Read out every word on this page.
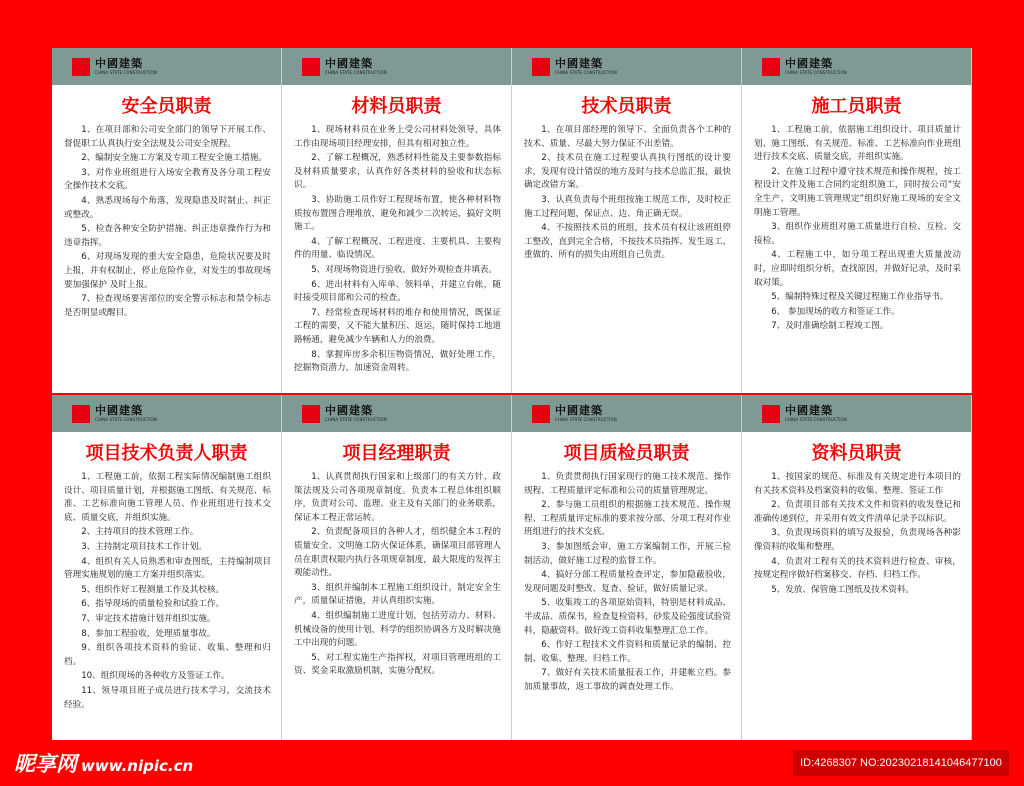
中國建築
CHINA STATE CONSTRUCTION
安全员职责
1、在项目部和公司安全部门的领导下开展工作、督促职工认真执行安全法规及公司安全规程。
2、编制安全施工方案及专项工程安全施工措施。
3、对作业班组进行入场安全教育及各分项工程安全操作技术交底。
4、熟悉现场每个角落，发现隐患及时制止、纠正或整改。
5、检查各种安全防护措施、纠正违章操作行为和违章指挥。
6、对现场发现的重大安全隐患，危险状况要及时上报，并有权制止，停止危险作业，对发生的事故现场要加强保护 及时上报。
7、检查现场要害部位的安全警示标志和禁令标志是否明显或醒目。
中國建築
CHINA STATE CONSTRUCTION
材料员职责
1、现场材料员在业务上受公司材料处领导，具体工作由现场项目经理安排，但具有相对独立性。
2、了解工程概况，熟悉材料性能及主要参数指标及材料质量要求，认真作好各类材料的验收和状态标识。
3、协助施工员作好工程现场布置，使各种材料物质按布置图合理堆放，避免和减少二次转运，搞好文明施工。
4、了解工程概况、工程进度、主要机具、主要构件的用量、临设情况。
5、对现场物资进行验收，做好外观检查并填表。
6、进出材料有入库单、领料单，并建立台帐，随时接受项目部和公司的检查。
7、经常检查现场材料的堆存和使用情况，既保证工程的需要，又不能大量积压、返运，随时保持工地道路畅通，避免减少车辆和人力的浪费。
8、掌握库房多余积压物资情况，做好处理工作，挖掘物资潜力，加速资金周转。
中國建築
CHINA STATE CONSTRUCTION
技术员职责
1、在项目部经理的领导下、全面负责各个工种的技术、质量、尽最大努力保证不出差错。
2、技术员在施工过程要认真执行图纸的设计要求，发现有设计错误的地方及时与技术总监汇报，最快确定改错方案。
3、认真负责每个班组按施工规范工作，及时校正施工过程问题，保证点、边、角正确无误。
4、不按照技术员的班组，技术员有权让该班组停工整改，直到完全合格，不按技术员指挥、发生返工、重做的、所有的损失由班组自己负责。
中國建築
CHINA STATE CONSTRUCTION
施工员职责
1、工程施工前，依据施工组织设计、项目质量计划、施工图纸、有关规范、标准、工艺标准向作业班组进行技术交底、质量交底，并组织实施。
2、在施工过程中遵守技术规范和操作规程，按工程设计文件及施工合同约定组织施工，同时按公司“安全生产、文明施工管理规定”组织好施工现场的安全文明施工管理。
3、组织作业班组对施工质量进行自检、互检、交接检。
4、工程施工中，如分项工程出现重大质量波动时，应即时组织分析，查找原因，并做好记录，及时采取对策。
5、编制特殊过程及关键过程施工作业指导书。
6、 参加现场的收方和签证工作。
7、及时准确绘制工程竣工图。
中國建築
CHINA STATE CONSTRUCTION
项目技术负责人职责
1、工程施工前，依据工程实际情况编制施工组织设计、项目质量计划，并根据施工图纸、有关规范、标准、工艺标准向施工管理人员、作业班组进行技术交底、质量交底，并组织实施。
2、主持项目的技术管理工作。
3、主持制定项目技术工作计划。
4、组织有关人员熟悉和审查图纸，主持编制项目管理实施规划的施工方案并组织落实。
5、组织作好工程测量工作及其校核。
6、指导现场的质量检验和试验工作。
7、审定技术措施计划并组织实施。
8、参加工程验收，处理质量事故。
9、组织各项技术资料的验证、收集、整理和归档。
10、组织现场的各种收方及签证工作。
11、领导项目班子成员进行技术学习，交流技术经验。
中國建築
CHINA STATE CONSTRUCTION
项目经理职责
1、认真贯彻执行国家和上级部门的有关方针、政策法规及公司各项规章制度。负责本工程总体组织顺序，负责对公司、监理、业主及有关部门的业务联系，保证本工程正常运转。
2、负责配备项目的各种人才，组织健全本工程的质量安全、文明施工防火保证体系，确保项目部管理人员在职责权限内执行各项规章制度，最大限度的发挥主观能动性。
3、组织并编制本工程施工组织设计，制定安全生产，质量保证措施，并认真组织实施。
4、组织编制施工进度计划，包括劳动力、材料、机械设备的使用计划，科学的组织协调各方及时解决施工中出现的问题。
5、对工程实施生产指挥权，对项目管理班组的工资、奖金采取激励机制，实施分配权。
中國建築
CHINA STATE CONSTRUCTION
项目质检员职责
1、负责贯彻执行国家现行的施工技术规范、操作规程、工程质量评定标准和公司的质量管理规定。
2、参与施工员组织的根据施工技术规范、操作规程、工程质量评定标准的要求按分部、分项工程对作业班组进行的技术交底。
3、参加图纸会审，施工方案编制工作，开展三检制活动，做好施工过程的监督工作。
4、搞好分部工程质量检查评定，参加隐蔽验收，发现问题及时整改、复查、验证，做好质量记录。
5、收集竣工的各项原始资料，特别是材料成品、半成品、质保书，检查复检资料，砂浆及砼强度试验资料，隐蔽资料。做好竣工资料收集整理汇总工作。
6、作好工程技术文件资料和质量记录的编制、控制、收集、整理、归档工作。
7、做好有关技术质量报表工作，并建帐立档。参加质量事故，返工事故的调查处理工作。
中國建築
CHINA STATE CONSTRUCTION
资料员职责
1、按国家的规范、标准及有关规定进行本项目的有关技术资料及档案资料的收集、整理、签证工作
2、负责项目部有关技术文件和资料的收发登记和准确传递到位，并采用有效文件清单记录予以标识。
3、负责现场资料的填写及报验，负责现场各种影像资料的收集和整理。
4、负责对工程有关的技术资料进行检查、审核，按规定程序做好档案移交、存档、归档工作。
5、发放、保管施工图纸及技术资料。
昵享网 www.nipic.cn	ID:4268307 NO:20230218141046477100
